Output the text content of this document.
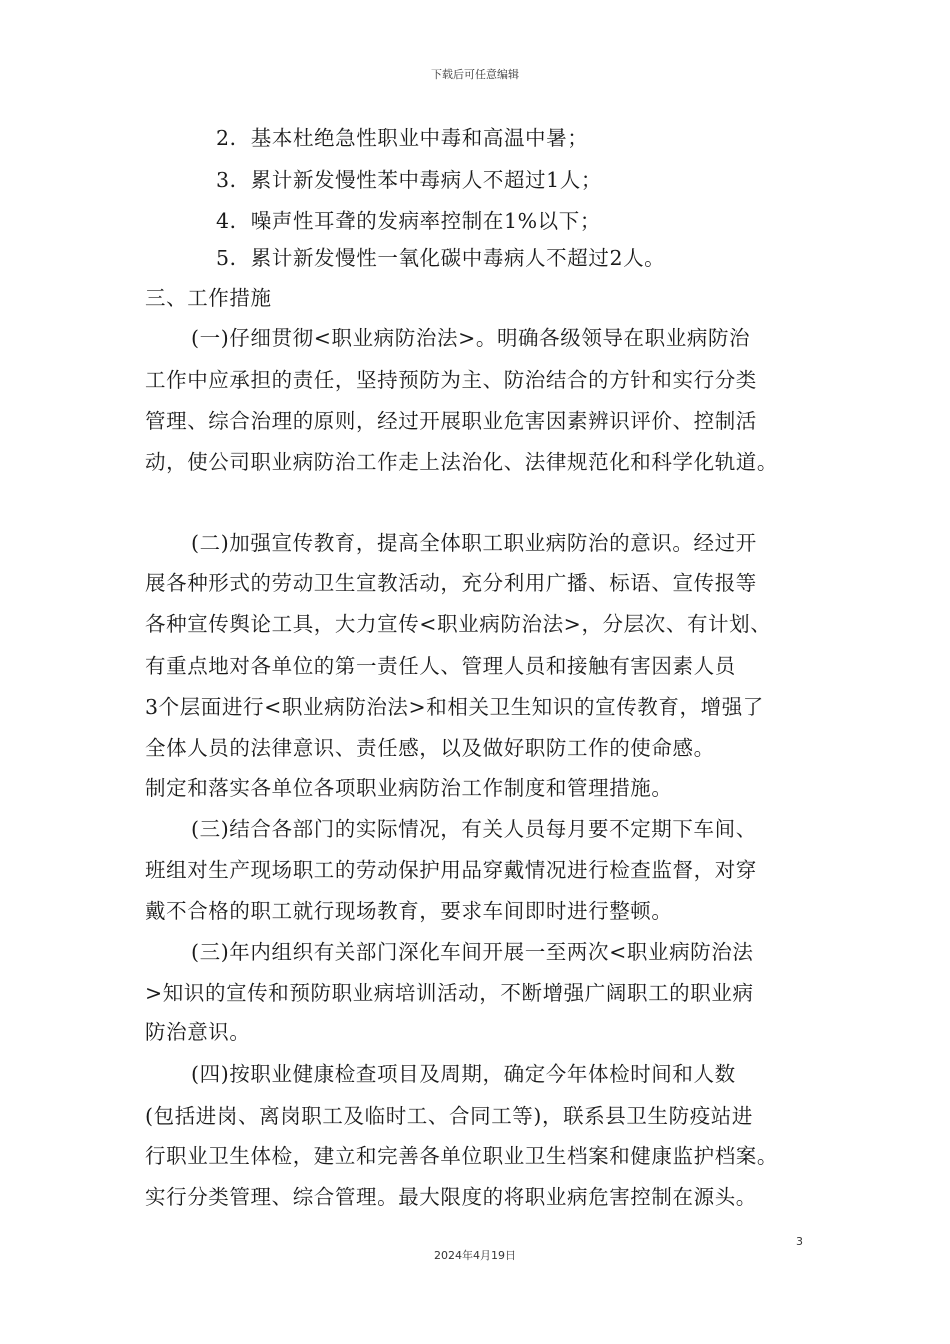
下载后可任意编辑
2．基本杜绝急性职业中毒和高温中暑；
3．累计新发慢性苯中毒病人不超过1人；
4．噪声性耳聋的发病率控制在1%以下；
5．累计新发慢性一氧化碳中毒病人不超过2人。
三、工作措施
(一)仔细贯彻<职业病防治法>。明确各级领导在职业病防治
工作中应承担的责任，坚持预防为主、防治结合的方针和实行分类
管理、综合治理的原则，经过开展职业危害因素辨识评价、控制活
动，使公司职业病防治工作走上法治化、法律规范化和科学化轨道。
(二)加强宣传教育，提高全体职工职业病防治的意识。经过开
展各种形式的劳动卫生宣教活动，充分利用广播、标语、宣传报等
各种宣传舆论工具，大力宣传<职业病防治法>，分层次、有计划、
有重点地对各单位的第一责任人、管理人员和接触有害因素人员
3个层面进行<职业病防治法>和相关卫生知识的宣传教育，增强了
全体人员的法律意识、责任感，以及做好职防工作的使命感。
制定和落实各单位各项职业病防治工作制度和管理措施。
(三)结合各部门的实际情况，有关人员每月要不定期下车间、
班组对生产现场职工的劳动保护用品穿戴情况进行检查监督，对穿
戴不合格的职工就行现场教育，要求车间即时进行整顿。
(三)年内组织有关部门深化车间开展一至两次<职业病防治法
>知识的宣传和预防职业病培训活动，不断增强广阔职工的职业病
防治意识。
(四)按职业健康检查项目及周期，确定今年体检时间和人数
(包括进岗、离岗职工及临时工、合同工等)，联系县卫生防疫站进
行职业卫生体检，建立和完善各单位职业卫生档案和健康监护档案。
实行分类管理、综合管理。最大限度的将职业病危害控制在源头。
3
2024年4月19日
